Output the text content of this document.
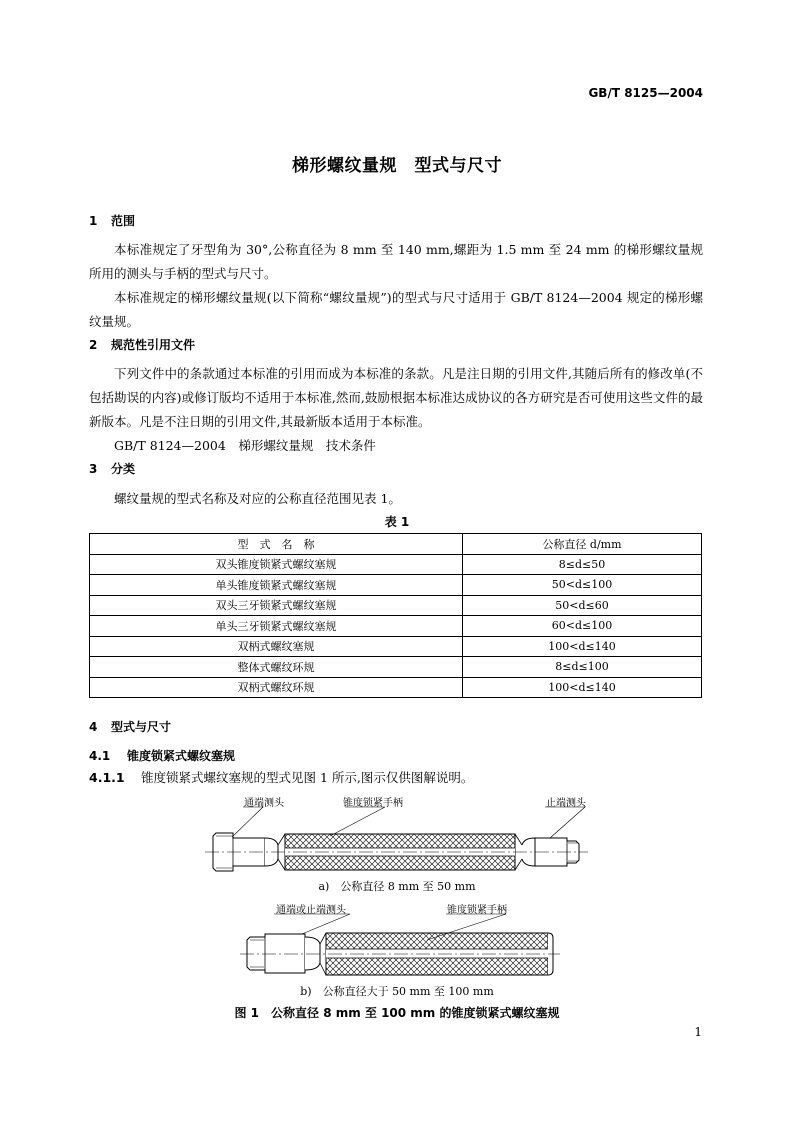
GB/T 8125—2004
梯形螺纹量规　型式与尺寸
1 范围

本标准规定了牙型角为 30°,公称直径为 8 mm 至 140 mm,螺距为 1.5 mm 至 24 mm 的梯形螺纹量规所用的测头与手柄的型式与尺寸。

本标准规定的梯形螺纹量规(以下简称“螺纹量规”)的型式与尺寸适用于 GB/T 8124—2004 规定的梯形螺纹量规。

2 规范性引用文件

下列文件中的条款通过本标准的引用而成为本标准的条款。凡是注日期的引用文件,其随后所有的修改单(不包括勘误的内容)或修订版均不适用于本标准,然而,鼓励根据本标准达成协议的各方研究是否可使用这些文件的最新版本。凡是不注日期的引用文件,其最新版本适用于本标准。

GB/T 8124—2004　梯形螺纹量规　技术条件

3 分类

螺纹量规的型式名称及对应的公称直径范围见表 1。

表 1
型　式　名　称	公称直径 d/mm
双头锥度锁紧式螺纹塞规	8≤d≤50
单头锥度锁紧式螺纹塞规	50<d≤100
双头三牙锁紧式螺纹塞规	50<d≤60
单头三牙锁紧式螺纹塞规	60<d≤100
双柄式螺纹塞规	100<d≤140
整体式螺纹环规	8≤d≤100
双柄式螺纹环规	100<d≤140
4 型式与尺寸
4.1 锥度锁紧式螺纹塞规
4.1.1 锥度锁紧式螺纹塞规的型式见图 1 所示,图示仅供图解说明。
通端测头	锥度锁紧手柄	止端测头
a)　公称直径 8 mm 至 50 mm
通端或止端测头	锥度锁紧手柄
b)　公称直径大于 50 mm 至 100 mm
图 1　公称直径 8 mm 至 100 mm 的锥度锁紧式螺纹塞规
1
